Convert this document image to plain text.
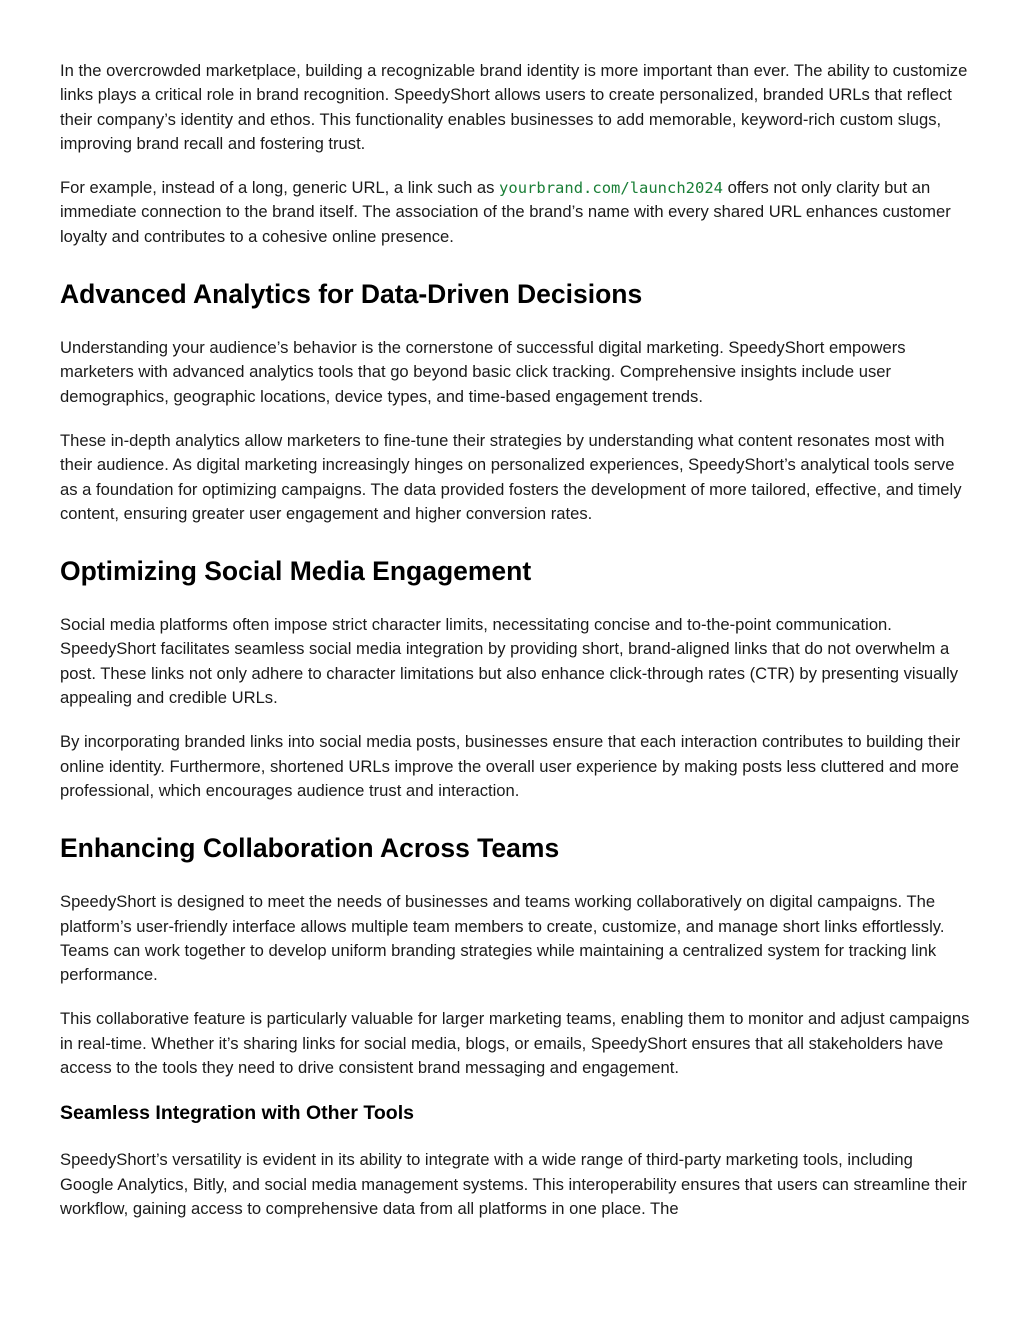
In the overcrowded marketplace, building a recognizable brand identity is more important than ever. The ability to customize links plays a critical role in brand recognition. SpeedyShort allows users to create personalized, branded URLs that reflect their company’s identity and ethos. This functionality enables businesses to add memorable, keyword-rich custom slugs, improving brand recall and fostering trust.

For example, instead of a long, generic URL, a link such as yourbrand.com/launch2024 offers not only clarity but an immediate connection to the brand itself. The association of the brand’s name with every shared URL enhances customer loyalty and contributes to a cohesive online presence.

Advanced Analytics for Data-Driven Decisions

Understanding your audience’s behavior is the cornerstone of successful digital marketing. SpeedyShort empowers marketers with advanced analytics tools that go beyond basic click tracking. Comprehensive insights include user demographics, geographic locations, device types, and time-based engagement trends.

These in-depth analytics allow marketers to fine-tune their strategies by understanding what content resonates most with their audience. As digital marketing increasingly hinges on personalized experiences, SpeedyShort’s analytical tools serve as a foundation for optimizing campaigns. The data provided fosters the development of more tailored, effective, and timely content, ensuring greater user engagement and higher conversion rates.

Optimizing Social Media Engagement

Social media platforms often impose strict character limits, necessitating concise and to-the-point communication. SpeedyShort facilitates seamless social media integration by providing short, brand-aligned links that do not overwhelm a post. These links not only adhere to character limitations but also enhance click-through rates (CTR) by presenting visually appealing and credible URLs.

By incorporating branded links into social media posts, businesses ensure that each interaction contributes to building their online identity. Furthermore, shortened URLs improve the overall user experience by making posts less cluttered and more professional, which encourages audience trust and interaction.

Enhancing Collaboration Across Teams

SpeedyShort is designed to meet the needs of businesses and teams working collaboratively on digital campaigns. The platform’s user-friendly interface allows multiple team members to create, customize, and manage short links effortlessly. Teams can work together to develop uniform branding strategies while maintaining a centralized system for tracking link performance.

This collaborative feature is particularly valuable for larger marketing teams, enabling them to monitor and adjust campaigns in real-time. Whether it’s sharing links for social media, blogs, or emails, SpeedyShort ensures that all stakeholders have access to the tools they need to drive consistent brand messaging and engagement.

Seamless Integration with Other Tools

SpeedyShort’s versatility is evident in its ability to integrate with a wide range of third-party marketing tools, including Google Analytics, Bitly, and social media management systems. This interoperability ensures that users can streamline their workflow, gaining access to comprehensive data from all platforms in one place. The
